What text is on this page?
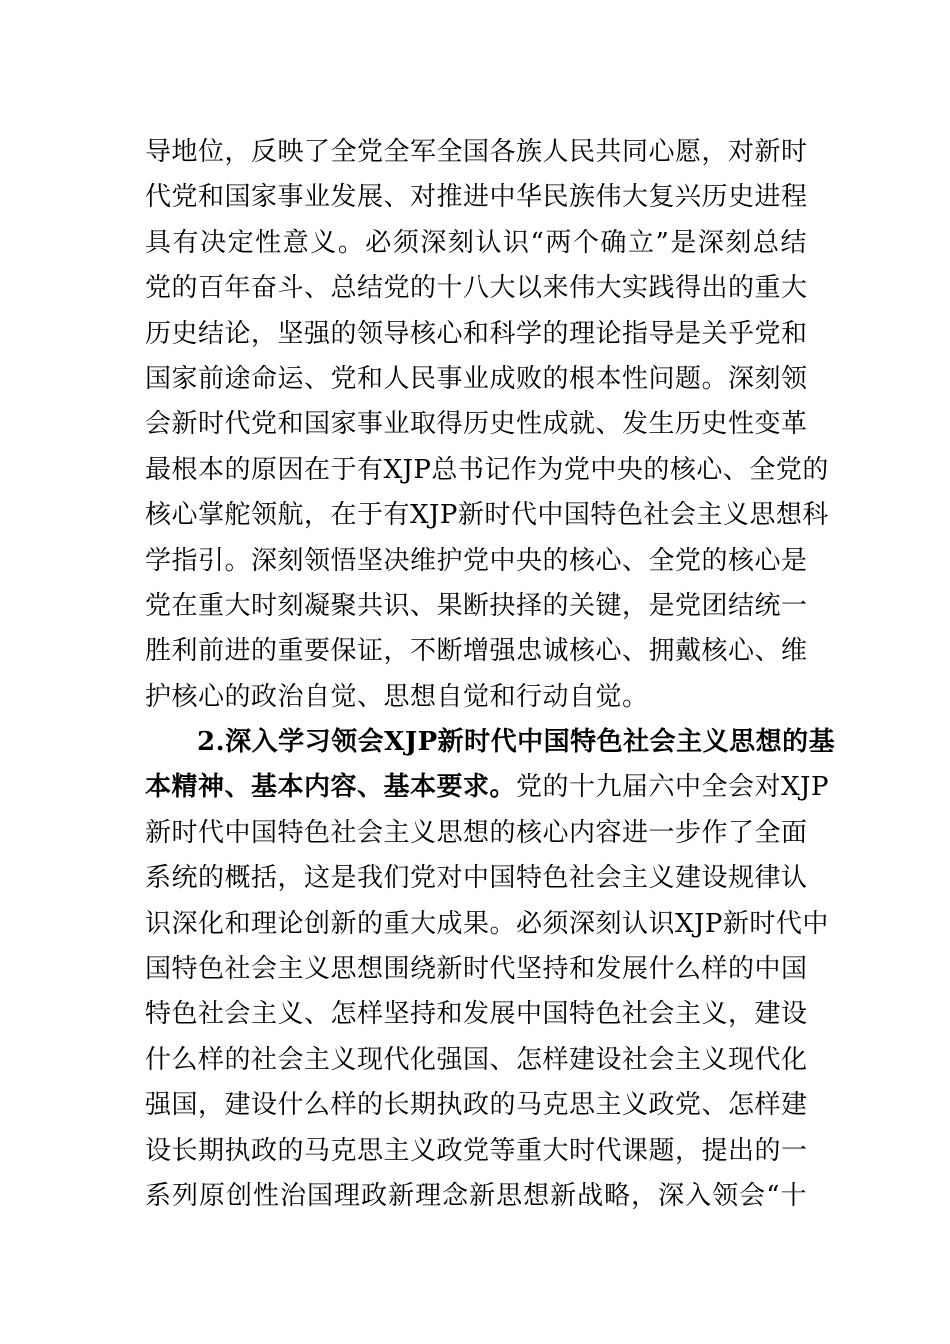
导地位，反映了全党全军全国各族人民共同心愿，对新时
代党和国家事业发展、对推进中华民族伟大复兴历史进程
具有决定性意义。必须深刻认识“两个确立”是深刻总结
党的百年奋斗、总结党的十八大以来伟大实践得出的重大
历史结论，坚强的领导核心和科学的理论指导是关乎党和
国家前途命运、党和人民事业成败的根本性问题。深刻领
会新时代党和国家事业取得历史性成就、发生历史性变革
最根本的原因在于有XJP总书记作为党中央的核心、全党的
核心掌舵领航，在于有XJP新时代中国特色社会主义思想科
学指引。深刻领悟坚决维护党中央的核心、全党的核心是
党在重大时刻凝聚共识、果断抉择的关键，是党团结统一
胜利前进的重要保证，不断增强忠诚核心、拥戴核心、维
护核心的政治自觉、思想自觉和行动自觉。
2.深入学习领会XJP新时代中国特色社会主义思想的基
本精神、基本内容、基本要求。党的十九届六中全会对XJP
新时代中国特色社会主义思想的核心内容进一步作了全面
系统的概括，这是我们党对中国特色社会主义建设规律认
识深化和理论创新的重大成果。必须深刻认识XJP新时代中
国特色社会主义思想围绕新时代坚持和发展什么样的中国
特色社会主义、怎样坚持和发展中国特色社会主义，建设
什么样的社会主义现代化强国、怎样建设社会主义现代化
强国，建设什么样的长期执政的马克思主义政党、怎样建
设长期执政的马克思主义政党等重大时代课题，提出的一
系列原创性治国理政新理念新思想新战略，深入领会“十
